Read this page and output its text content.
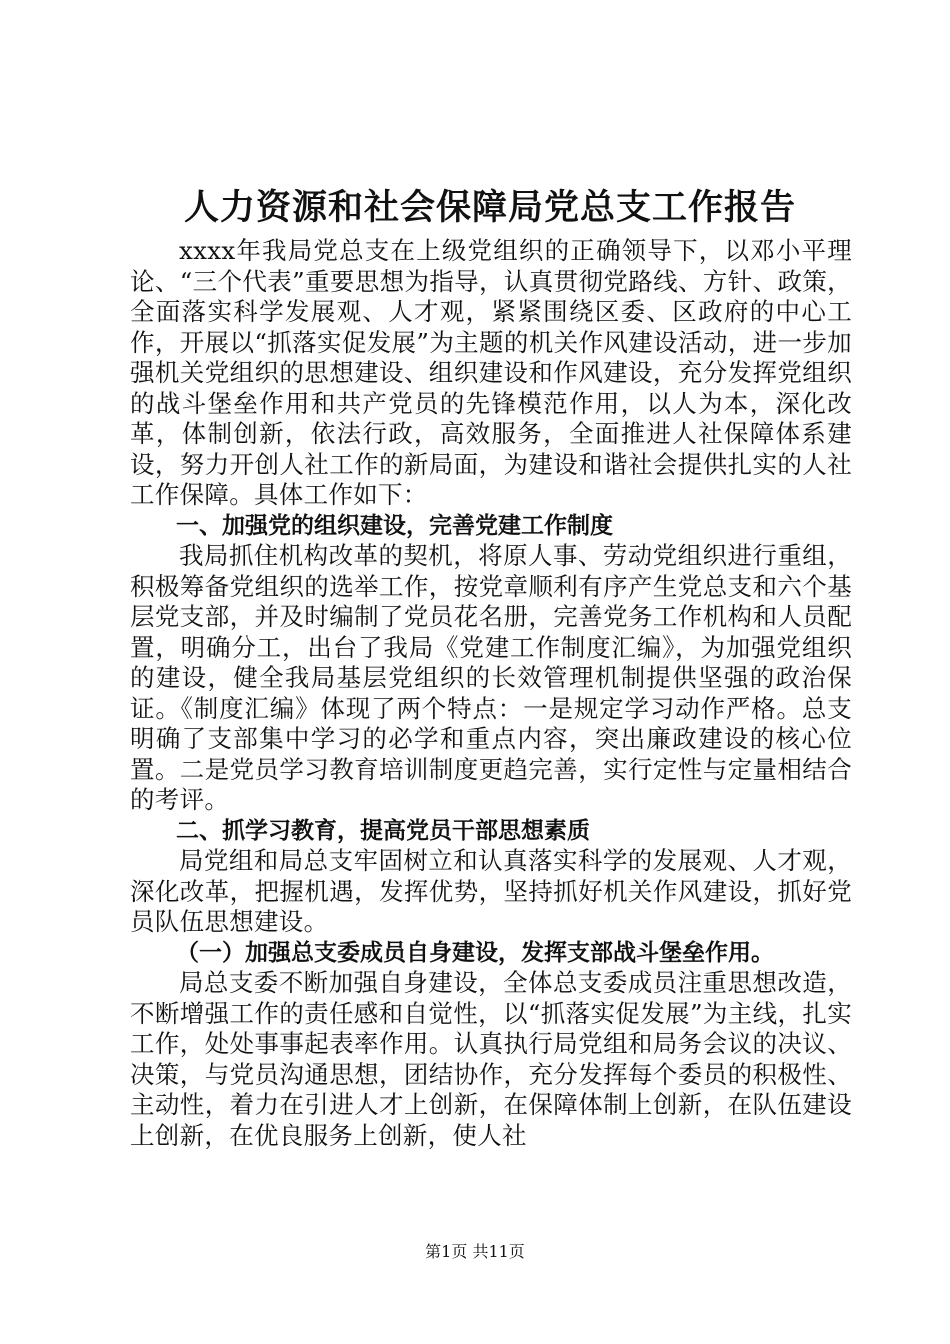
人力资源和社会保障局党总支工作报告

xxxx年我局党总支在上级党组织的正确领导下，以邓小平理论、“三个代表”重要思想为指导，认真贯彻党路线、方针、政策，全面落实科学发展观、人才观，紧紧围绕区委、区政府的中心工作，开展以“抓落实促发展”为主题的机关作风建设活动，进一步加强机关党组织的思想建设、组织建设和作风建设，充分发挥党组织的战斗堡垒作用和共产党员的先锋模范作用，以人为本，深化改革，体制创新，依法行政，高效服务，全面推进人社保障体系建设，努力开创人社工作的新局面，为建设和谐社会提供扎实的人社工作保障。具体工作如下：

一、加强党的组织建设，完善党建工作制度

我局抓住机构改革的契机，将原人事、劳动党组织进行重组，积极筹备党组织的选举工作，按党章顺利有序产生党总支和六个基层党支部，并及时编制了党员花名册，完善党务工作机构和人员配置，明确分工，出台了我局《党建工作制度汇编》，为加强党组织的建设，健全我局基层党组织的长效管理机制提供坚强的政治保证。《制度汇编》体现了两个特点：一是规定学习动作严格。总支明确了支部集中学习的必学和重点内容，突出廉政建设的核心位置。二是党员学习教育培训制度更趋完善，实行定性与定量相结合的考评。

二、抓学习教育，提高党员干部思想素质

局党组和局总支牢固树立和认真落实科学的发展观、人才观，深化改革，把握机遇，发挥优势，坚持抓好机关作风建设，抓好党员队伍思想建设。

（一）加强总支委成员自身建设，发挥支部战斗堡垒作用。

局总支委不断加强自身建设，全体总支委成员注重思想改造，不断增强工作的责任感和自觉性，以“抓落实促发展”为主线，扎实工作，处处事事起表率作用。认真执行局党组和局务会议的决议、决策，与党员沟通思想，团结协作，充分发挥每个委员的积极性、主动性，着力在引进人才上创新，在保障体制上创新，在队伍建设上创新，在优良服务上创新，使人社

第1页 共11页
